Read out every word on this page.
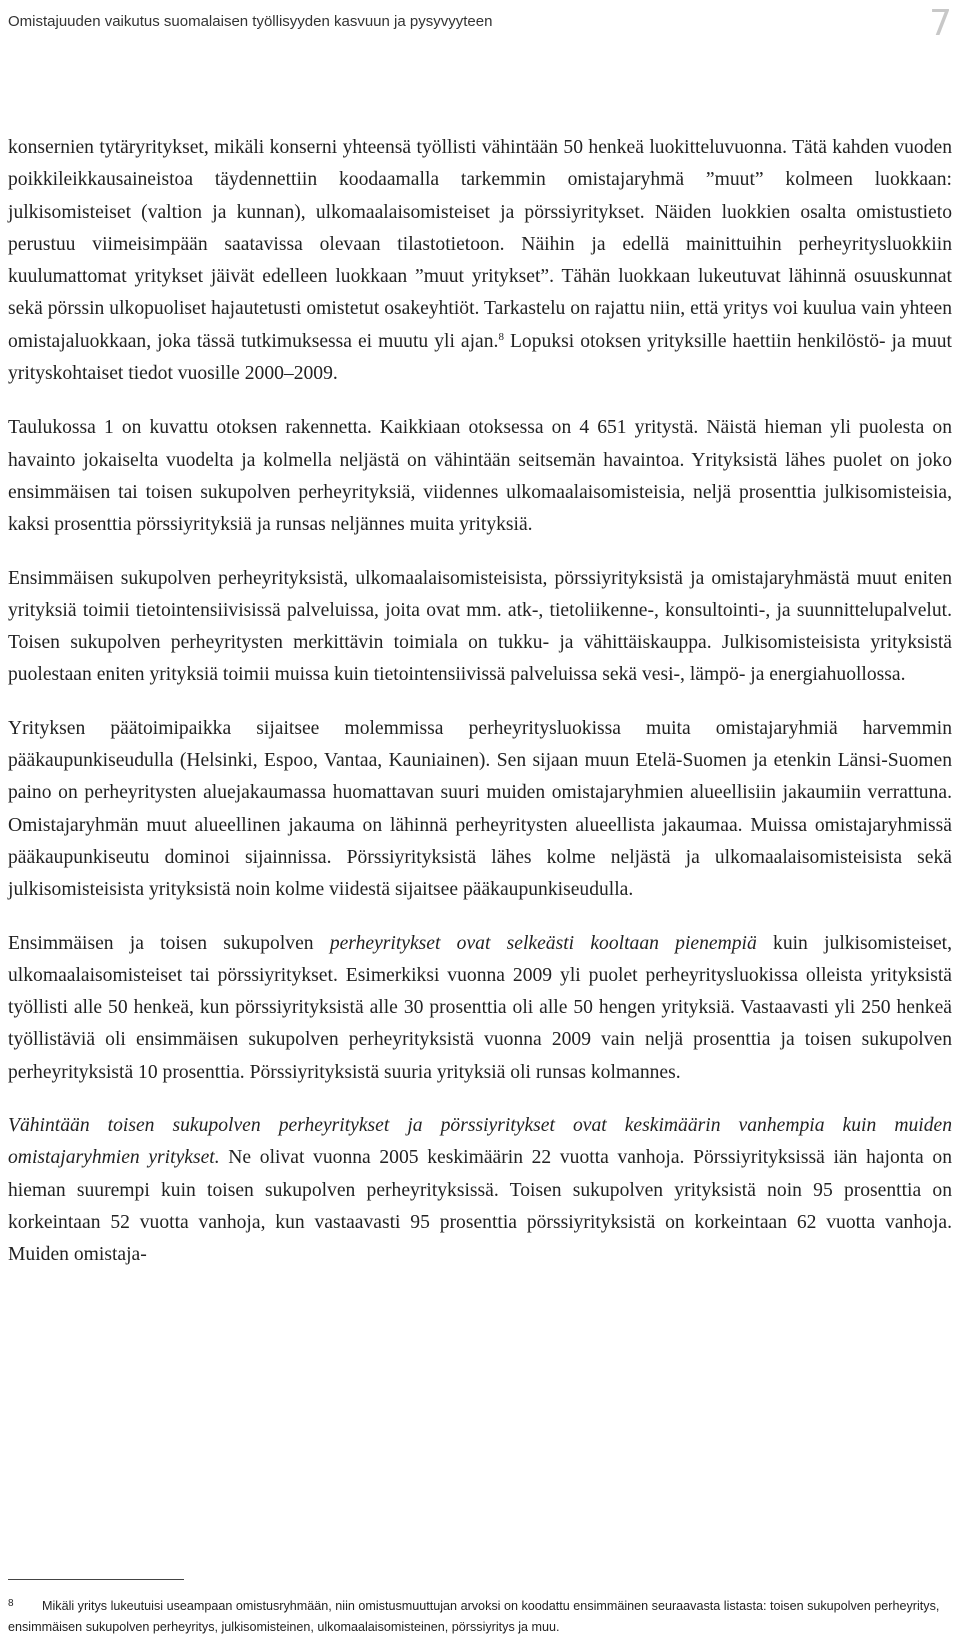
Omistajuuden vaikutus suomalaisen työllisyyden kasvuun ja pysyvyyteen	7

konsernien tytäryritykset, mikäli konserni yhteensä työllisti vähintään 50 henkeä luokitteluvuonna. Tätä kahden vuoden poikkileikkausaineistoa täydennettiin koodaamalla tarkemmin omistajaryhmä ”muut” kolmeen luokkaan: julkisomisteiset (valtion ja kunnan), ulkomaalaisomisteiset ja pörssiyritykset. Näiden luokkien osalta omistustieto perustuu viimeisimpään saatavissa olevaan tilastotietoon. Näihin ja edellä mainittuihin perheyritysluokkiin kuulumattomat yritykset jäivät edelleen luokkaan ”muut yritykset”. Tähän luokkaan lukeutuvat lähinnä osuuskunnat sekä pörssin ulkopuoliset hajautetusti omistetut osakeyhtiöt. Tarkastelu on rajattu niin, että yritys voi kuulua vain yhteen omistajaluokkaan, joka tässä tutkimuksessa ei muutu yli ajan.$^8$ Lopuksi otoksen yrityksille haettiin henkilöstö- ja muut yrityskohtaiset tiedot vuosille 2000–2009.

Taulukossa 1 on kuvattu otoksen rakennetta. Kaikkiaan otoksessa on 4 651 yritystä. Näistä hieman yli puolesta on havainto jokaiselta vuodelta ja kolmella neljästä on vähintään seitsemän havaintoa. Yrityksistä lähes puolet on joko ensimmäisen tai toisen sukupolven perheyrityksiä, viidennes ulkomaalaisomisteisia, neljä prosenttia julkisomisteisia, kaksi prosenttia pörssiyrityksiä ja runsas neljännes muita yrityksiä.

Ensimmäisen sukupolven perheyrityksistä, ulkomaalaisomisteisista, pörssiyrityksistä ja omistajaryhmästä muut eniten yrityksiä toimii tietointensiivisissä palveluissa, joita ovat mm. atk-, tietoliikenne-, konsultointi-, ja suunnittelupalvelut. Toisen sukupolven perheyritysten merkittävin toimiala on tukku- ja vähittäiskauppa. Julkisomisteisista yrityksistä puolestaan eniten yrityksiä toimii muissa kuin tietointensiivissä palveluissa sekä vesi-, lämpö- ja energiahuollossa.

Yrityksen päätoimipaikka sijaitsee molemmissa perheyritysluokissa muita omistajaryhmiä harvemmin pääkaupunkiseudulla (Helsinki, Espoo, Vantaa, Kauniainen). Sen sijaan muun Etelä-Suomen ja etenkin Länsi-Suomen paino on perheyritysten aluejakaumassa huomattavan suuri muiden omistajaryhmien alueellisiin jakaumiin verrattuna. Omistajaryhmän muut alueellinen jakauma on lähinnä perheyritysten alueellista jakaumaa. Muissa omistajaryhmissä pääkaupunkiseutu dominoi sijainnissa. Pörssiyrityksistä lähes kolme neljästä ja ulkomaalaisomisteisista sekä julkisomisteisista yrityksistä noin kolme viidestä sijaitsee pääkaupunkiseudulla.

Ensimmäisen ja toisen sukupolven perheyritykset ovat selkeästi kooltaan pienempiä kuin julkisomisteiset, ulkomaalaisomisteiset tai pörssiyritykset. Esimerkiksi vuonna 2009 yli puolet perheyritysluokissa olleista yrityksistä työllisti alle 50 henkeä, kun pörssiyrityksistä alle 30 prosenttia oli alle 50 hengen yrityksiä. Vastaavasti yli 250 henkeä työllistäviä oli ensimmäisen sukupolven perheyrityksistä vuonna 2009 vain neljä prosenttia ja toisen sukupolven perheyrityksistä 10 prosenttia. Pörssiyrityksistä suuria yrityksiä oli runsas kolmannes.

Vähintään toisen sukupolven perheyritykset ja pörssiyritykset ovat keskimäärin vanhempia kuin muiden omistajaryhmien yritykset. Ne olivat vuonna 2005 keskimäärin 22 vuotta vanhoja. Pörssiyrityksissä iän hajonta on hieman suurempi kuin toisen sukupolven perheyrityksissä. Toisen sukupolven yrityksistä noin 95 prosenttia on korkeintaan 52 vuotta vanhoja, kun vastaavasti 95 prosenttia pörssiyrityksistä on korkeintaan 62 vuotta vanhoja. Muiden omistaja-

8 Mikäli yritys lukeutuisi useampaan omistusryhmään, niin omistusmuuttujan arvoksi on koodattu ensimmäinen seuraavasta listasta: toisen sukupolven perheyritys, ensimmäisen sukupolven perheyritys, julkisomisteinen, ulkomaalaisomisteinen, pörssiyritys ja muu.
